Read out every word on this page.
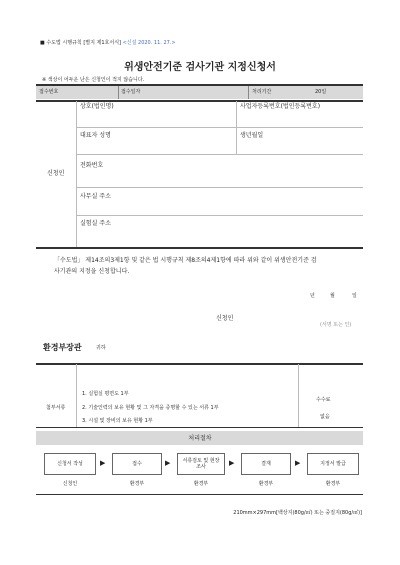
■ 수도법 시행규칙 [별지 제1호서식] <신설 2020. 11. 27.>
위생안전기준 검사기관 지정신청서
※ 색상이 어두운 난은 신청인이 적지 않습니다.
접수번호	접수일자	처리기간	20일
신청인
상호(법인명)	사업자등록번호(법인등록번호)
대표자 성명	생년월일
전화번호
사무실 주소
실험실 주소
「수도법」 제14조의3제1항 및 같은 법 시행규칙 제8조의4제1항에 따라 위와 같이 위생안전기준 검
사기관의 지정을 신청합니다.
년	월	일
신청인
(서명 또는 인)
환경부장관	귀하
첨부서류
1. 실험실 평면도 1부
2. 기술인력의 보유 현황 및 그 자격을 증명할 수 있는 서류 1부
3. 시설 및 장비의 보유 현황 1부
수수료
없음
처리절차
신청서 작성	▶	접수	▶	서류검토 및 현장조사	▶	결재	▶	지정서 발급
신청인	환경부	환경부	환경부	환경부
210mm×297mm[백상지(80g/㎡) 또는 중질지(80g/㎡)]
